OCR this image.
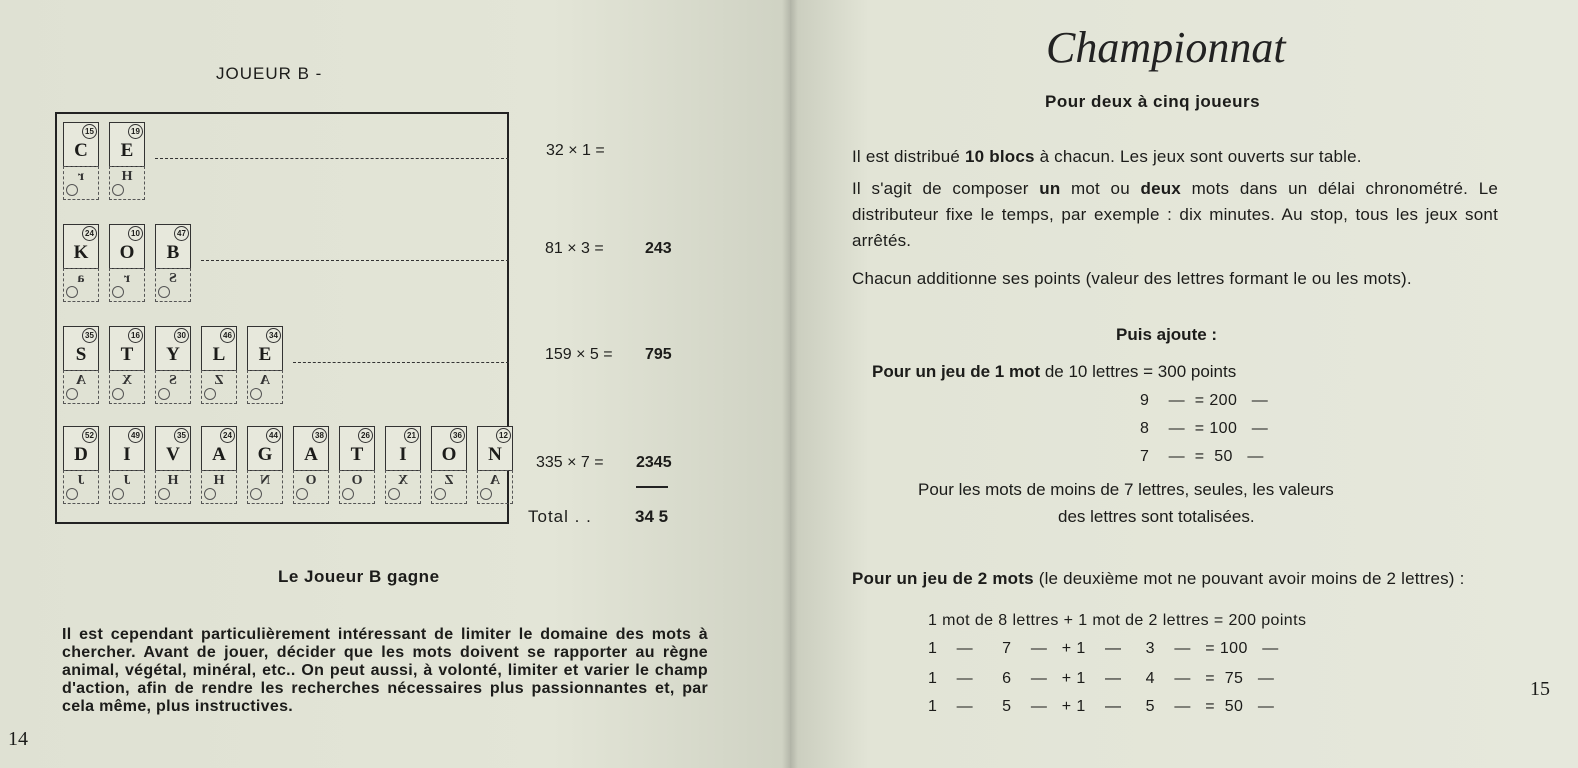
JOUEUR B -
C
15
r
E
19
H
K
24
a
O
10
r
B
47
S
S
35
A
T
16
X
Y
30
S
L
46
Z
E
34
A
D
52
J
I
49
J
V
35
H
A
24
H
G
44
N
A
38
O
T
26
O
I
21
X
O
36
Z
N
12
A
32 × 1 =
81 × 3 =	243
159 × 5 = 795
335 × 7 = 2345
Total . .	34 5
Le Joueur B gagne
Il est cependant particulièrement intéressant de limiter le domaine des mots à chercher. Avant de jouer, décider que les mots doivent se rapporter au règne animal, végétal, minéral, etc.. On peut aussi, à volonté, limiter et varier le champ d'action, afin de rendre les recherches nécessaires plus passionnantes et, par cela même, plus instructives.
14
Championnat
Pour deux à cinq joueurs
Il est distribué 10 blocs à chacun. Les jeux sont ouverts sur table.
Il s'agit de composer un mot ou deux mots dans un délai chronométré. Le distributeur fixe le temps, par exemple : dix minutes. Au stop, tous les jeux sont arrêtés.
Chacun additionne ses points (valeur des lettres formant le ou les mots).
Puis ajoute :
Pour un jeu de 1 mot de 10 lettres = 300 points
9    —  = 200   —
8    —  = 100   —
7    —  =  50   —
Pour les mots de moins de 7 lettres, seules, les valeurs
des lettres sont totalisées.
Pour un jeu de 2 mots (le deuxième mot ne pouvant avoir moins de 2 lettres) :
1 mot de 8 lettres + 1 mot de 2 lettres = 200 points
1    —      7    —   + 1    —     3    —   = 100   —
1    —      6    —   + 1    —     4    —   =  75   —
1    —      5    —   + 1    —     5    —   =  50   —
15
